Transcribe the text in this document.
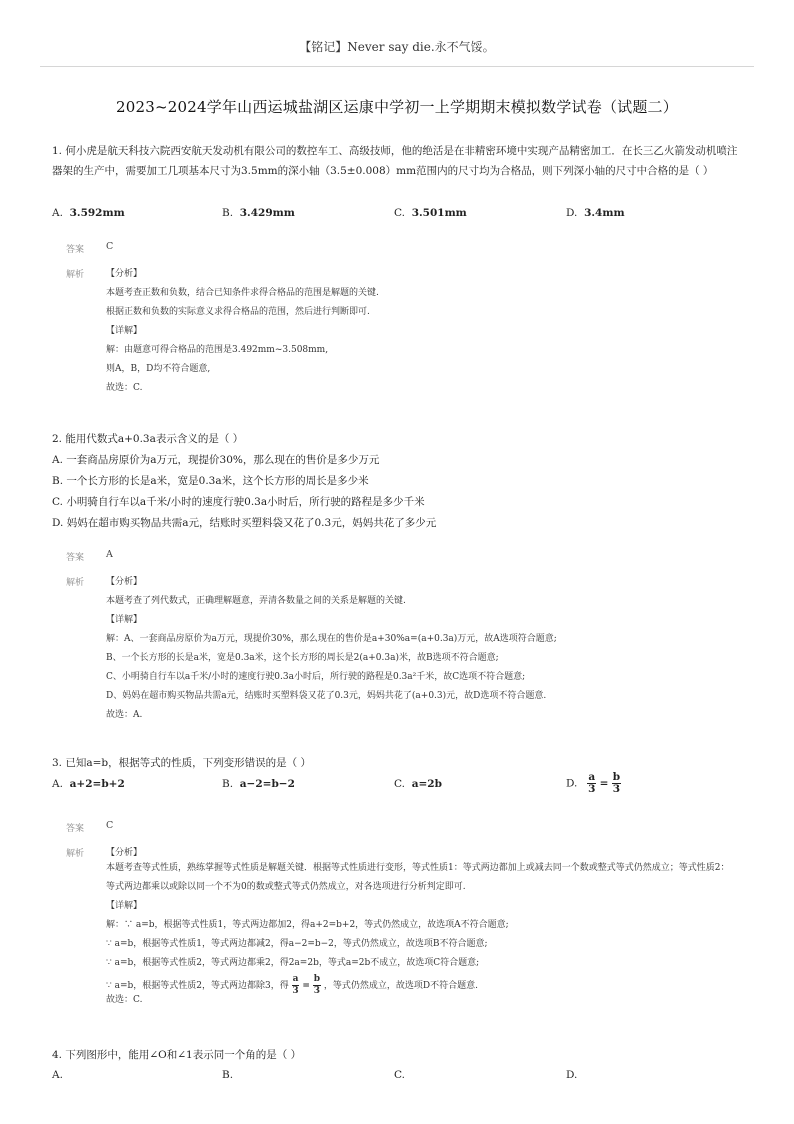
【铭记】Never say die.永不气馁。
2023~2024学年山西运城盐湖区运康中学初一上学期期末模拟数学试卷（试题二）
1. 何小虎是航天科技六院西安航天发动机有限公司的数控车工、高级技师，他的绝活是在非精密环境中实现产品精密加工．在长三乙火箭发动机喷注器架的生产中，需要加工几项基本尺寸为3.5mm的深小轴（3.5±0.008）mm范围内的尺寸均为合格品，则下列深小轴的尺寸中合格的是（ ）
A. 3.592mm	B. 3.429mm	C. 3.501mm	D. 3.4mm
答案 C
解析 【分析】
本题考查正数和负数，结合已知条件求得合格品的范围是解题的关键.
根据正数和负数的实际意义求得合格品的范围，然后进行判断即可.
【详解】
解：由题意可得合格品的范围是3.492mm~3.508mm,
则A，B，D均不符合题意,
故选：C.
2. 能用代数式a+0.3a表示含义的是（ ）
A. 一套商品房原价为a万元，现提价30%，那么现在的售价是多少万元
B. 一个长方形的长是a米，宽是0.3a米，这个长方形的周长是多少米
C. 小明骑自行车以a千米/小时的速度行驶0.3a小时后，所行驶的路程是多少千米
D. 妈妈在超市购买物品共需a元，结账时买塑料袋又花了0.3元，妈妈共花了多少元
答案 A
解析 【分析】
本题考查了列代数式，正确理解题意，弄清各数量之间的关系是解题的关键.
【详解】
解：A、一套商品房原价为a万元，现提价30%，那么现在的售价是a+30%a=(a+0.3a)万元，故A选项符合题意;
B、一个长方形的长是a米，宽是0.3a米，这个长方形的周长是2(a+0.3a)米，故B选项不符合题意;
C、小明骑自行车以a千米/小时的速度行驶0.3a小时后，所行驶的路程是0.3a²千米，故C选项不符合题意;
D、妈妈在超市购买物品共需a元，结账时买塑料袋又花了0.3元，妈妈共花了(a+0.3)元，故D选项不符合题意.
故选：A.
3. 已知a=b，根据等式的性质，下列变形错误的是（ ）
A. a+2=b+2	B. a−2=b−2	C. a=2b	D. $\frac{a}{3} = \frac{b}{3}$
答案 C
解析 【分析】
本题考查等式性质，熟练掌握等式性质是解题关键．根据等式性质进行变形，等式性质1：等式两边都加上或减去同一个数或整式等式仍然成立；等式性质2：等式两边都乘以或除以同一个不为0的数或整式等式仍然成立，对各选项进行分析判定即可.
【详解】
解：∵ a=b，根据等式性质1，等式两边都加2，得a+2=b+2，等式仍然成立，故选项A不符合题意;
∵ a=b，根据等式性质1，等式两边都减2，得a−2=b−2，等式仍然成立，故选项B不符合题意;
∵ a=b，根据等式性质2，等式两边都乘2，得2a=2b，等式a=2b不成立，故选项C符合题意;
∵ a=b，根据等式性质2，等式两边都除3，得 $\frac{a}{3} = \frac{b}{3}$ ，等式仍然成立，故选项D不符合题意.
故选：C.
4. 下列图形中，能用∠O和∠1表示同一个角的是（ ）
A.	B.	C.	D.
